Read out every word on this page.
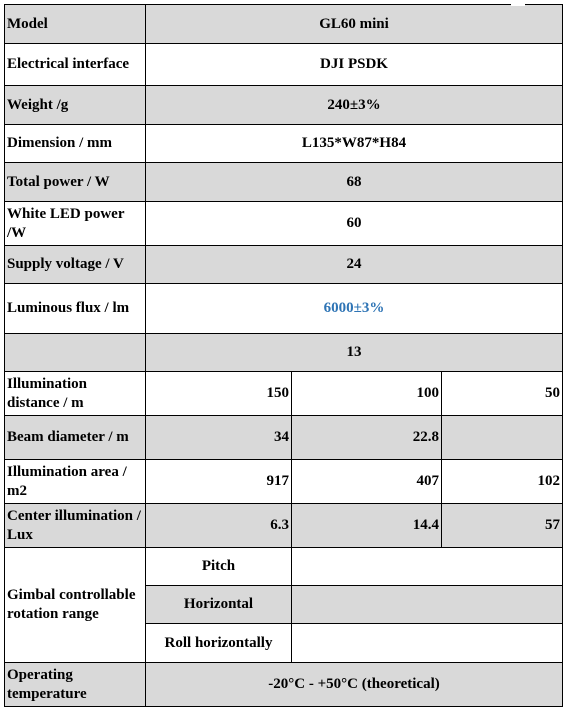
Model	GL60 mini		
Electrical interface	DJI PSDK		
Weight /g	240±3%		
Dimension / mm	L135*W87*H84		
Total power / W	68		
White LED power /W	60		
Supply voltage / V	24		
Luminous flux / lm	6000±3%		
	13		
Illumination distance / m	150	100	50
Beam diameter / m	34	22.8	
Illumination area / m2	917	407	102
Center illumination / Lux	6.3	14.4	57
Gimbal controllable rotation range	Pitch		
	Horizontal		
	Roll horizontally		
Operating temperature	-20°C - +50°C (theoretical)		
